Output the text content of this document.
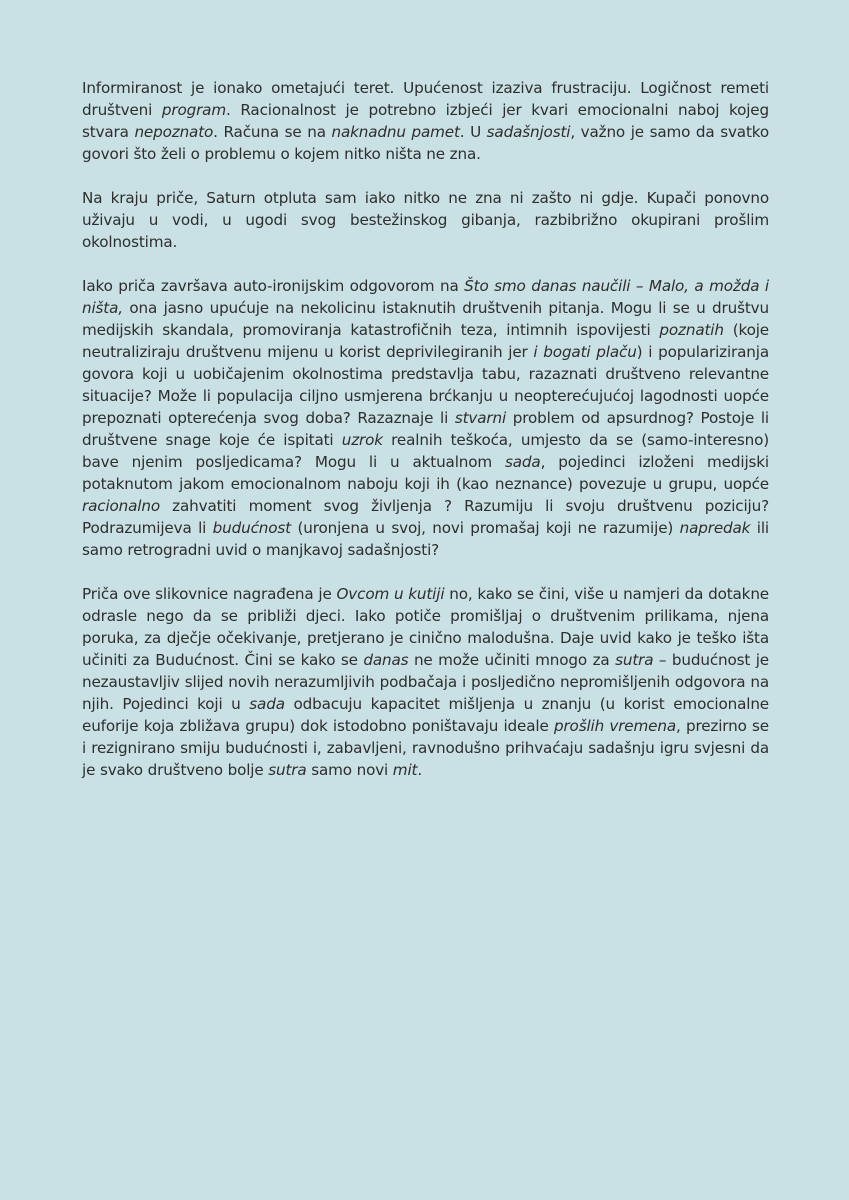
Informiranost je ionako ometajući teret. Upućenost izaziva frustraciju. Logičnost remeti društveni program. Racionalnost je potrebno izbjeći jer kvari emocionalni naboj kojeg stvara nepoznato. Računa se na naknadnu pamet. U sadašnjosti, važno je samo da svatko govori što želi o problemu o kojem nitko ništa ne zna.

Na kraju priče, Saturn otpluta sam iako nitko ne zna ni zašto ni gdje. Kupači ponovno uživaju u vodi, u ugodi svog bestežinskog gibanja, razbibrižno okupirani prošlim okolnostima.

Iako priča završava auto-ironijskim odgovorom na Što smo danas naučili – Malo, a možda i ništa, ona jasno upućuje na nekolicinu istaknutih društvenih pitanja. Mogu li se u društvu medijskih skandala, promoviranja katastrofičnih teza, intimnih ispovijesti poznatih (koje neutraliziraju društvenu mijenu u korist deprivilegiranih jer i bogati plaču) i populariziranja govora koji u uobičajenim okolnostima predstavlja tabu, razaznati društveno relevantne situacije? Može li populacija ciljno usmjerena brćkanju u neopterećujućoj lagodnosti uopće prepoznati opterećenja svog doba? Razaznaje li stvarni problem od apsurdnog? Postoje li društvene snage koje će ispitati uzrok realnih teškoća, umjesto da se (samo-interesno) bave njenim posljedicama? Mogu li u aktualnom sada, pojedinci izloženi medijski potaknutom jakom emocionalnom naboju koji ih (kao neznance) povezuje u grupu, uopće racionalno zahvatiti moment svog življenja ? Razumiju li svoju društvenu poziciju? Podrazumijeva li budućnost (uronjena u svoj, novi promašaj koji ne razumije) napredak ili samo retrogradni uvid o manjkavoj sadašnjosti?

Priča ove slikovnice nagrađena je Ovcom u kutiji no, kako se čini, više u namjeri da dotakne odrasle nego da se približi djeci. Iako potiče promišljaj o društvenim prilikama, njena poruka, za dječje očekivanje, pretjerano je cinično malodušna. Daje uvid kako je teško išta učiniti za Budućnost. Čini se kako se danas ne može učiniti mnogo za sutra – budućnost je nezaustavljiv slijed novih nerazumljivih podbačaja i posljedično nepromišljenih odgovora na njih. Pojedinci koji u sada odbacuju kapacitet mišljenja u znanju (u korist emocionalne euforije koja zbližava grupu) dok istodobno poništavaju ideale prošlih vremena, prezirno se i rezignirano smiju budućnosti i, zabavljeni, ravnodušno prihvaćaju sadašnju igru svjesni da je svako društveno bolje sutra samo novi mit.
